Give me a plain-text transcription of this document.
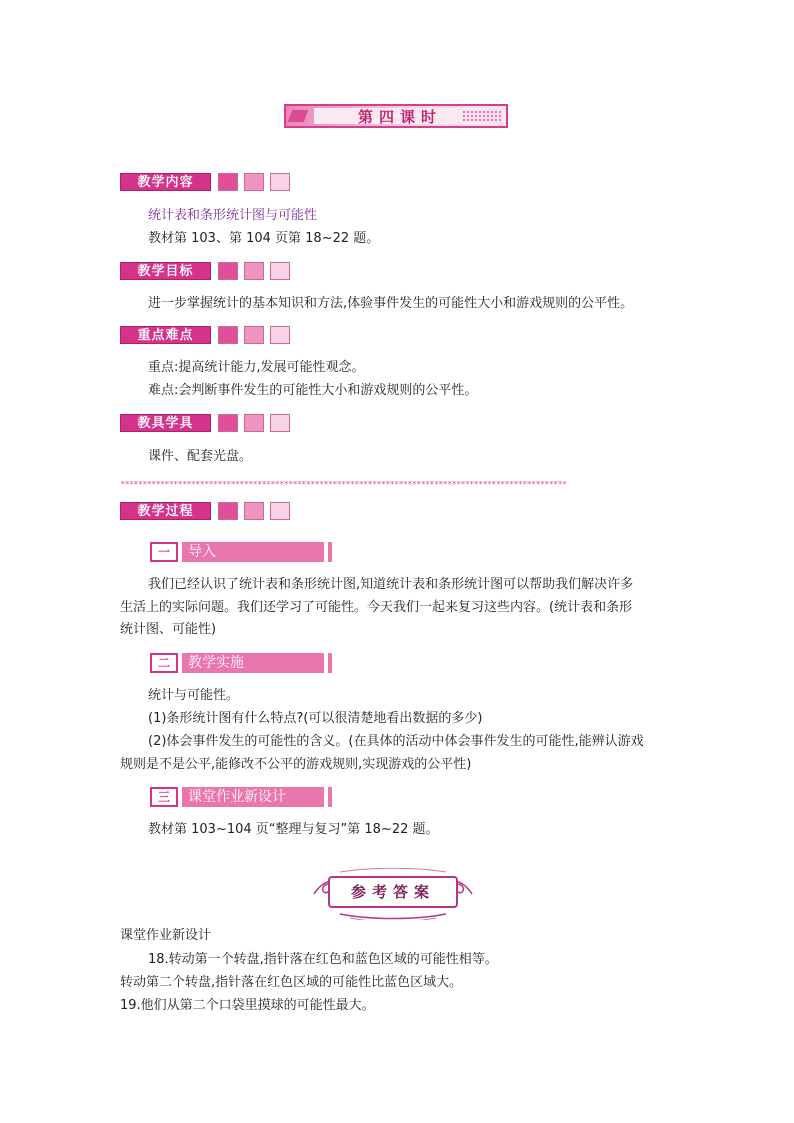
第四课时
教学内容
统计表和条形统计图与可能性
教材第 103、第 104 页第 18~22 题。
教学目标
进一步掌握统计的基本知识和方法,体验事件发生的可能性大小和游戏规则的公平性。
重点难点
重点:提高统计能力,发展可能性观念。
难点:会判断事件发生的可能性大小和游戏规则的公平性。
教具学具
课件、配套光盘。
*****************************************************************************************************
教学过程
一	导入
我们已经认识了统计表和条形统计图,知道统计表和条形统计图可以帮助我们解决许多
生活上的实际问题。我们还学习了可能性。今天我们一起来复习这些内容。(统计表和条形
统计图、可能性)
二	教学实施
统计与可能性。
(1)条形统计图有什么特点?(可以很清楚地看出数据的多少)
(2)体会事件发生的可能性的含义。(在具体的活动中体会事件发生的可能性,能辨认游戏
规则是不是公平,能修改不公平的游戏规则,实现游戏的公平性)
三	课堂作业新设计
教材第 103~104 页“整理与复习”第 18~22 题。
参考答案
课堂作业新设计
18.转动第一个转盘,指针落在红色和蓝色区域的可能性相等。
转动第二个转盘,指针落在红色区域的可能性比蓝色区域大。
19.他们从第二个口袋里摸球的可能性最大。
